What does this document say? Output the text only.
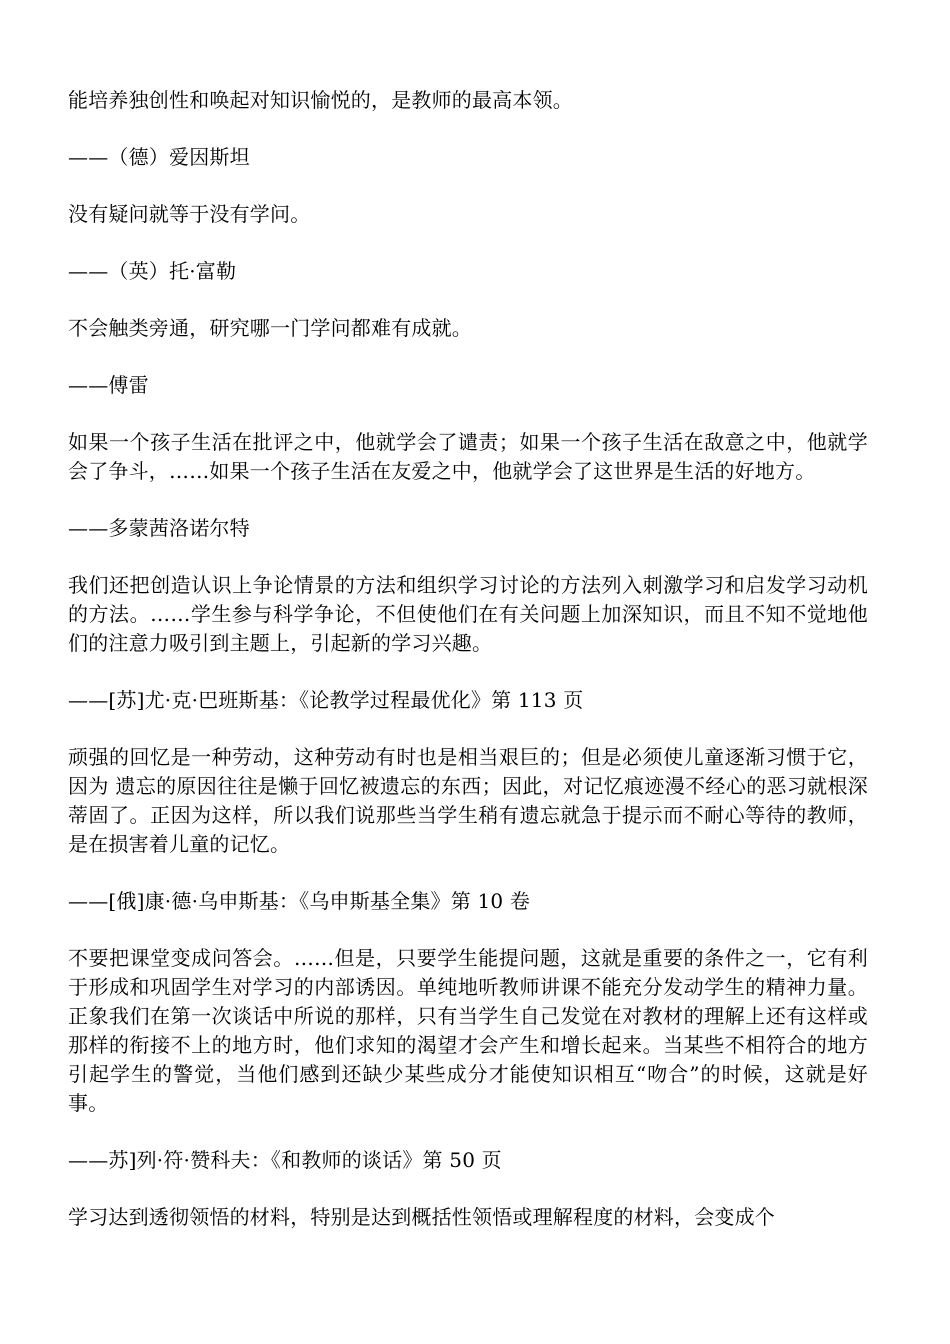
能培养独创性和唤起对知识愉悦的，是教师的最高本领。

——（德）爱因斯坦

没有疑问就等于没有学问。

——（英）托·富勒

不会触类旁通，研究哪一门学问都难有成就。

——傅雷

如果一个孩子生活在批评之中，他就学会了谴责；如果一个孩子生活在敌意之中，他就学会了争斗，……如果一个孩子生活在友爱之中，他就学会了这世界是生活的好地方。

——多蒙茜洛诺尔特

我们还把创造认识上争论情景的方法和组织学习讨论的方法列入刺激学习和启发学习动机的方法。……学生参与科学争论，不但使他们在有关问题上加深知识，而且不知不觉地他们的注意力吸引到主题上，引起新的学习兴趣。

——[苏]尤·克·巴班斯基：《论教学过程最优化》第 113 页

顽强的回忆是一种劳动，这种劳动有时也是相当艰巨的；但是必须使儿童逐渐习惯于它，因为 遗忘的原因往往是懒于回忆被遗忘的东西；因此，对记忆痕迹漫不经心的恶习就根深蒂固了。正因为这样，所以我们说那些当学生稍有遗忘就急于提示而不耐心等待的教师，是在损害着儿童的记忆。

——[俄]康·德·乌申斯基：《乌申斯基全集》第 10 卷

不要把课堂变成问答会。……但是，只要学生能提问题，这就是重要的条件之一，它有利于形成和巩固学生对学习的内部诱因。单纯地听教师讲课不能充分发动学生的精神力量。正象我们在第一次谈话中所说的那样，只有当学生自己发觉在对教材的理解上还有这样或那样的衔接不上的地方时，他们求知的渴望才会产生和增长起来。当某些不相符合的地方引起学生的警觉，当他们感到还缺少某些成分才能使知识相互“吻合”的时候，这就是好事。

——苏]列·符·赞科夫：《和教师的谈话》第 50 页

学习达到透彻领悟的材料，特别是达到概括性领悟或理解程度的材料，会变成个
